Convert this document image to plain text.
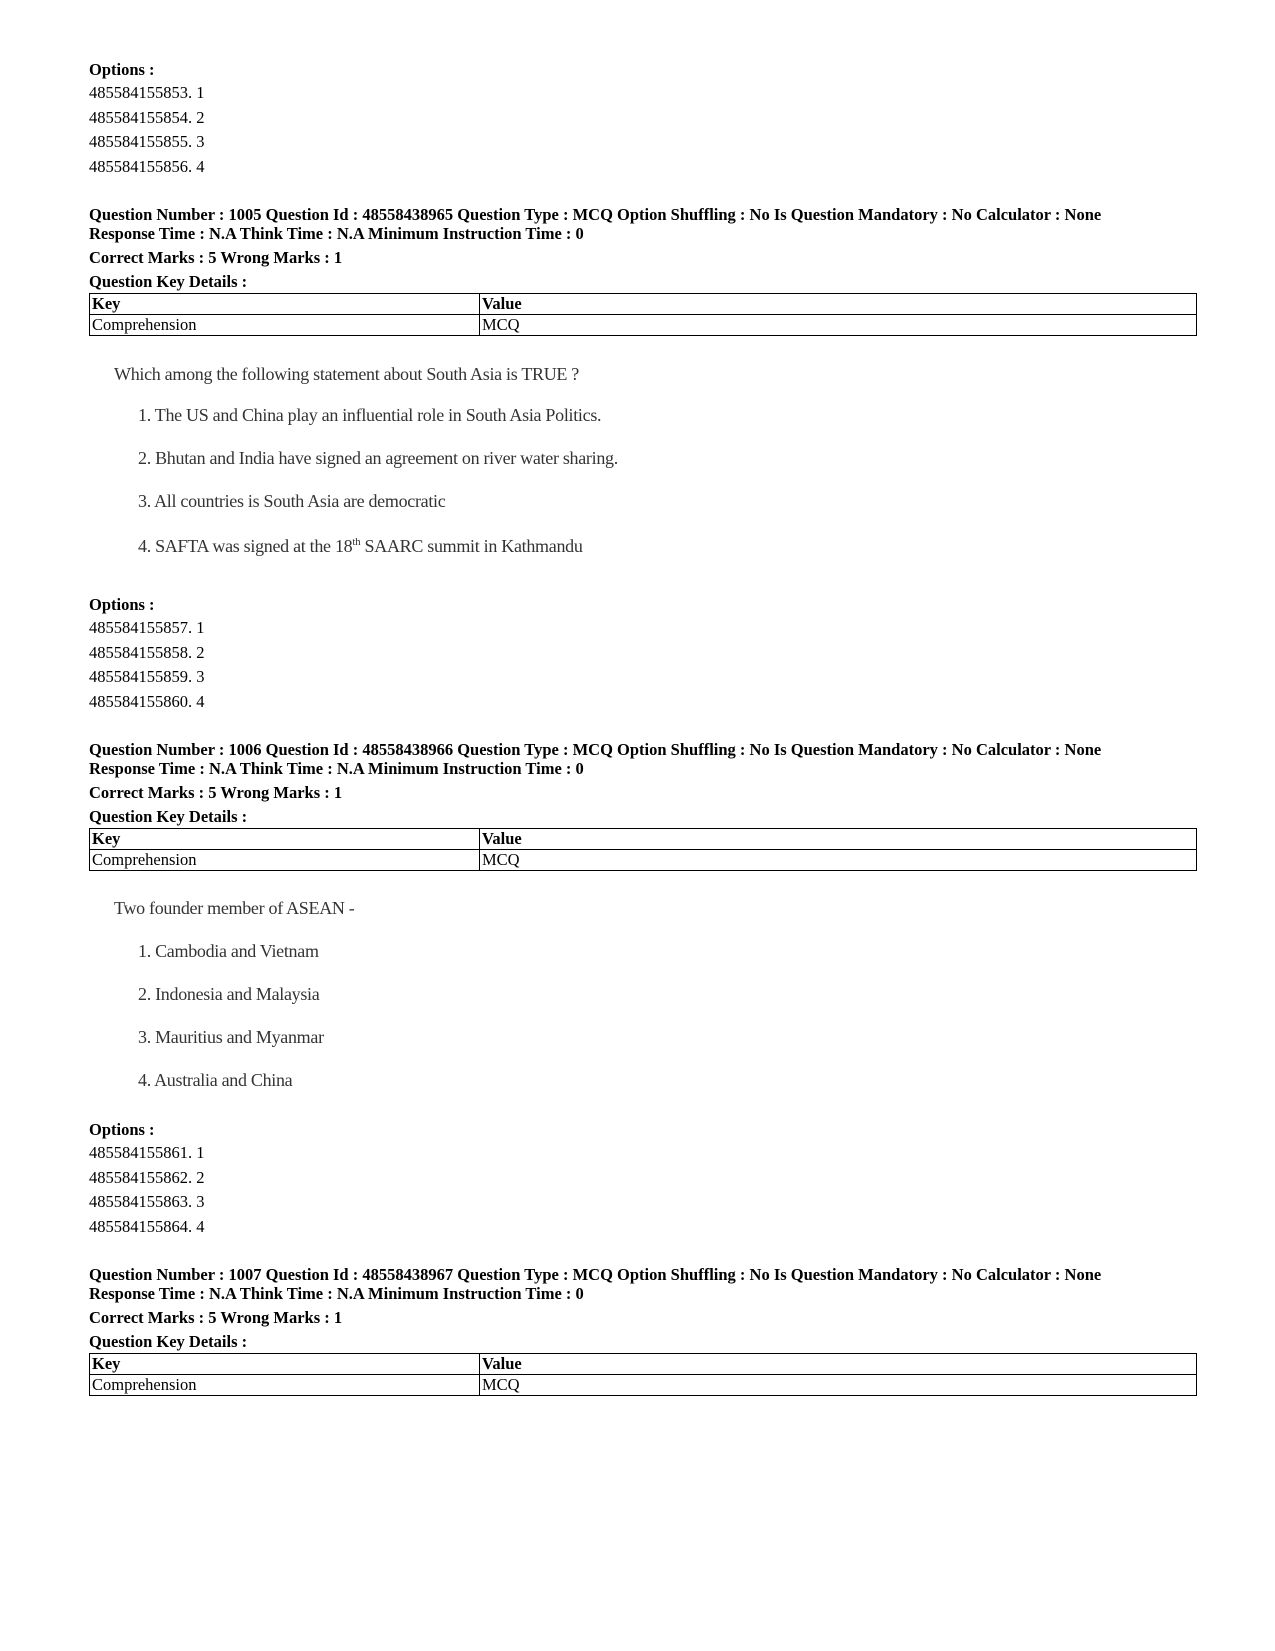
Options :
485584155853. 1
485584155854. 2
485584155855. 3
485584155856. 4
Question Number : 1005 Question Id : 48558438965 Question Type : MCQ Option Shuffling : No Is Question Mandatory : No Calculator : None
Response Time : N.A Think Time : N.A Minimum Instruction Time : 0
Correct Marks : 5 Wrong Marks : 1
Question Key Details :
Key	Value
Comprehension	MCQ
Which among the following statement about South Asia is TRUE ?
1. The US and China play an influential role in South Asia Politics.
2. Bhutan and India have signed an agreement on river water sharing.
3. All countries is South Asia are democratic
4. SAFTA was signed at the 18th SAARC summit in Kathmandu
Options :
485584155857. 1
485584155858. 2
485584155859. 3
485584155860. 4
Question Number : 1006 Question Id : 48558438966 Question Type : MCQ Option Shuffling : No Is Question Mandatory : No Calculator : None
Response Time : N.A Think Time : N.A Minimum Instruction Time : 0
Correct Marks : 5 Wrong Marks : 1
Question Key Details :
Key	Value
Comprehension	MCQ
Two founder member of ASEAN -
1. Cambodia and Vietnam
2. Indonesia and Malaysia
3. Mauritius and Myanmar
4. Australia and China
Options :
485584155861. 1
485584155862. 2
485584155863. 3
485584155864. 4
Question Number : 1007 Question Id : 48558438967 Question Type : MCQ Option Shuffling : No Is Question Mandatory : No Calculator : None
Response Time : N.A Think Time : N.A Minimum Instruction Time : 0
Correct Marks : 5 Wrong Marks : 1
Question Key Details :
Key	Value
Comprehension	MCQ
